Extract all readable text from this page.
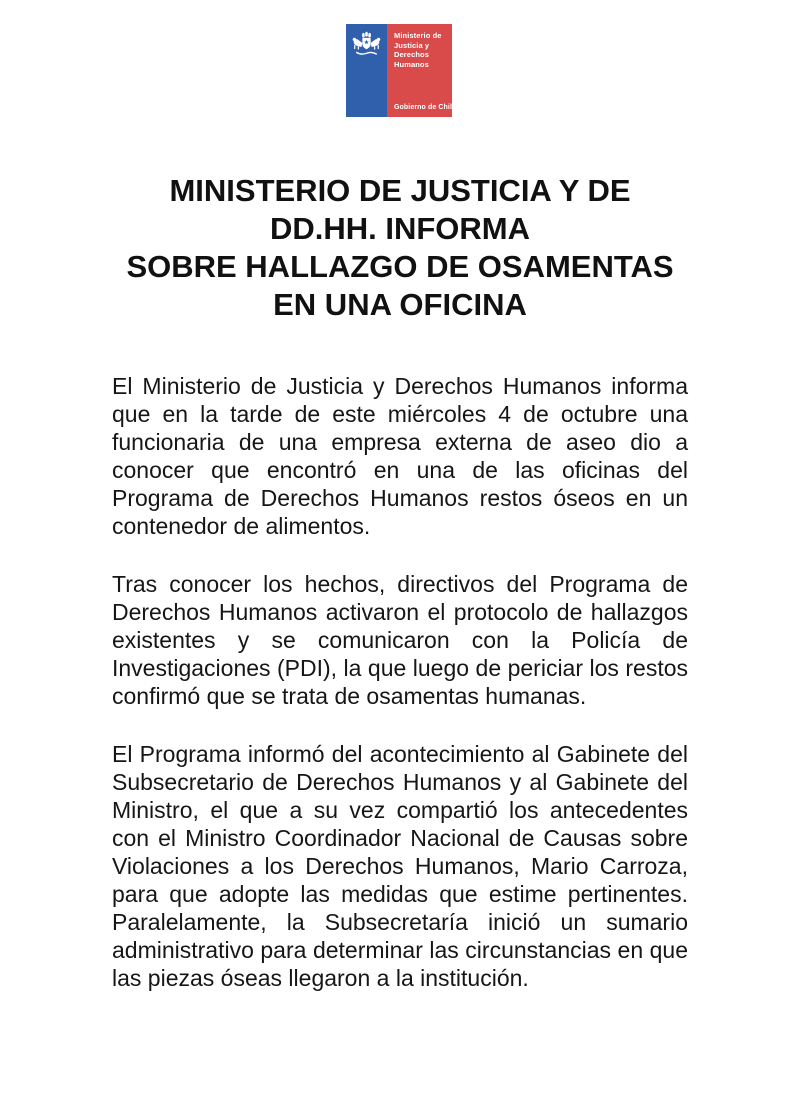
Ministerio de
Justicia y
Derechos
Humanos
Gobierno de Chile
MINISTERIO DE JUSTICIA Y DE
DD.HH. INFORMA
SOBRE HALLAZGO DE OSAMENTAS
EN UNA OFICINA

El Ministerio de Justicia y Derechos Humanos informa que en la tarde de este miércoles 4 de octubre una funcionaria de una empresa externa de aseo dio a conocer que encontró en una de las oficinas del Programa de Derechos Humanos restos óseos en un contenedor de alimentos.

Tras conocer los hechos, directivos del Programa de Derechos Humanos activaron el protocolo de hallazgos existentes y se comunicaron con la Policía de Investigaciones (PDI), la que luego de periciar los restos confirmó que se trata de osamentas humanas.

El Programa informó del acontecimiento al Gabinete del Subsecretario de Derechos Humanos y al Gabinete del Ministro, el que a su vez compartió los antecedentes con el Ministro Coordinador Nacional de Causas sobre Violaciones a los Derechos Humanos, Mario Carroza, para que adopte las medidas que estime pertinentes. Paralelamente, la Subsecretaría inició un sumario administrativo para determinar las circunstancias en que las piezas óseas llegaron a la institución.
